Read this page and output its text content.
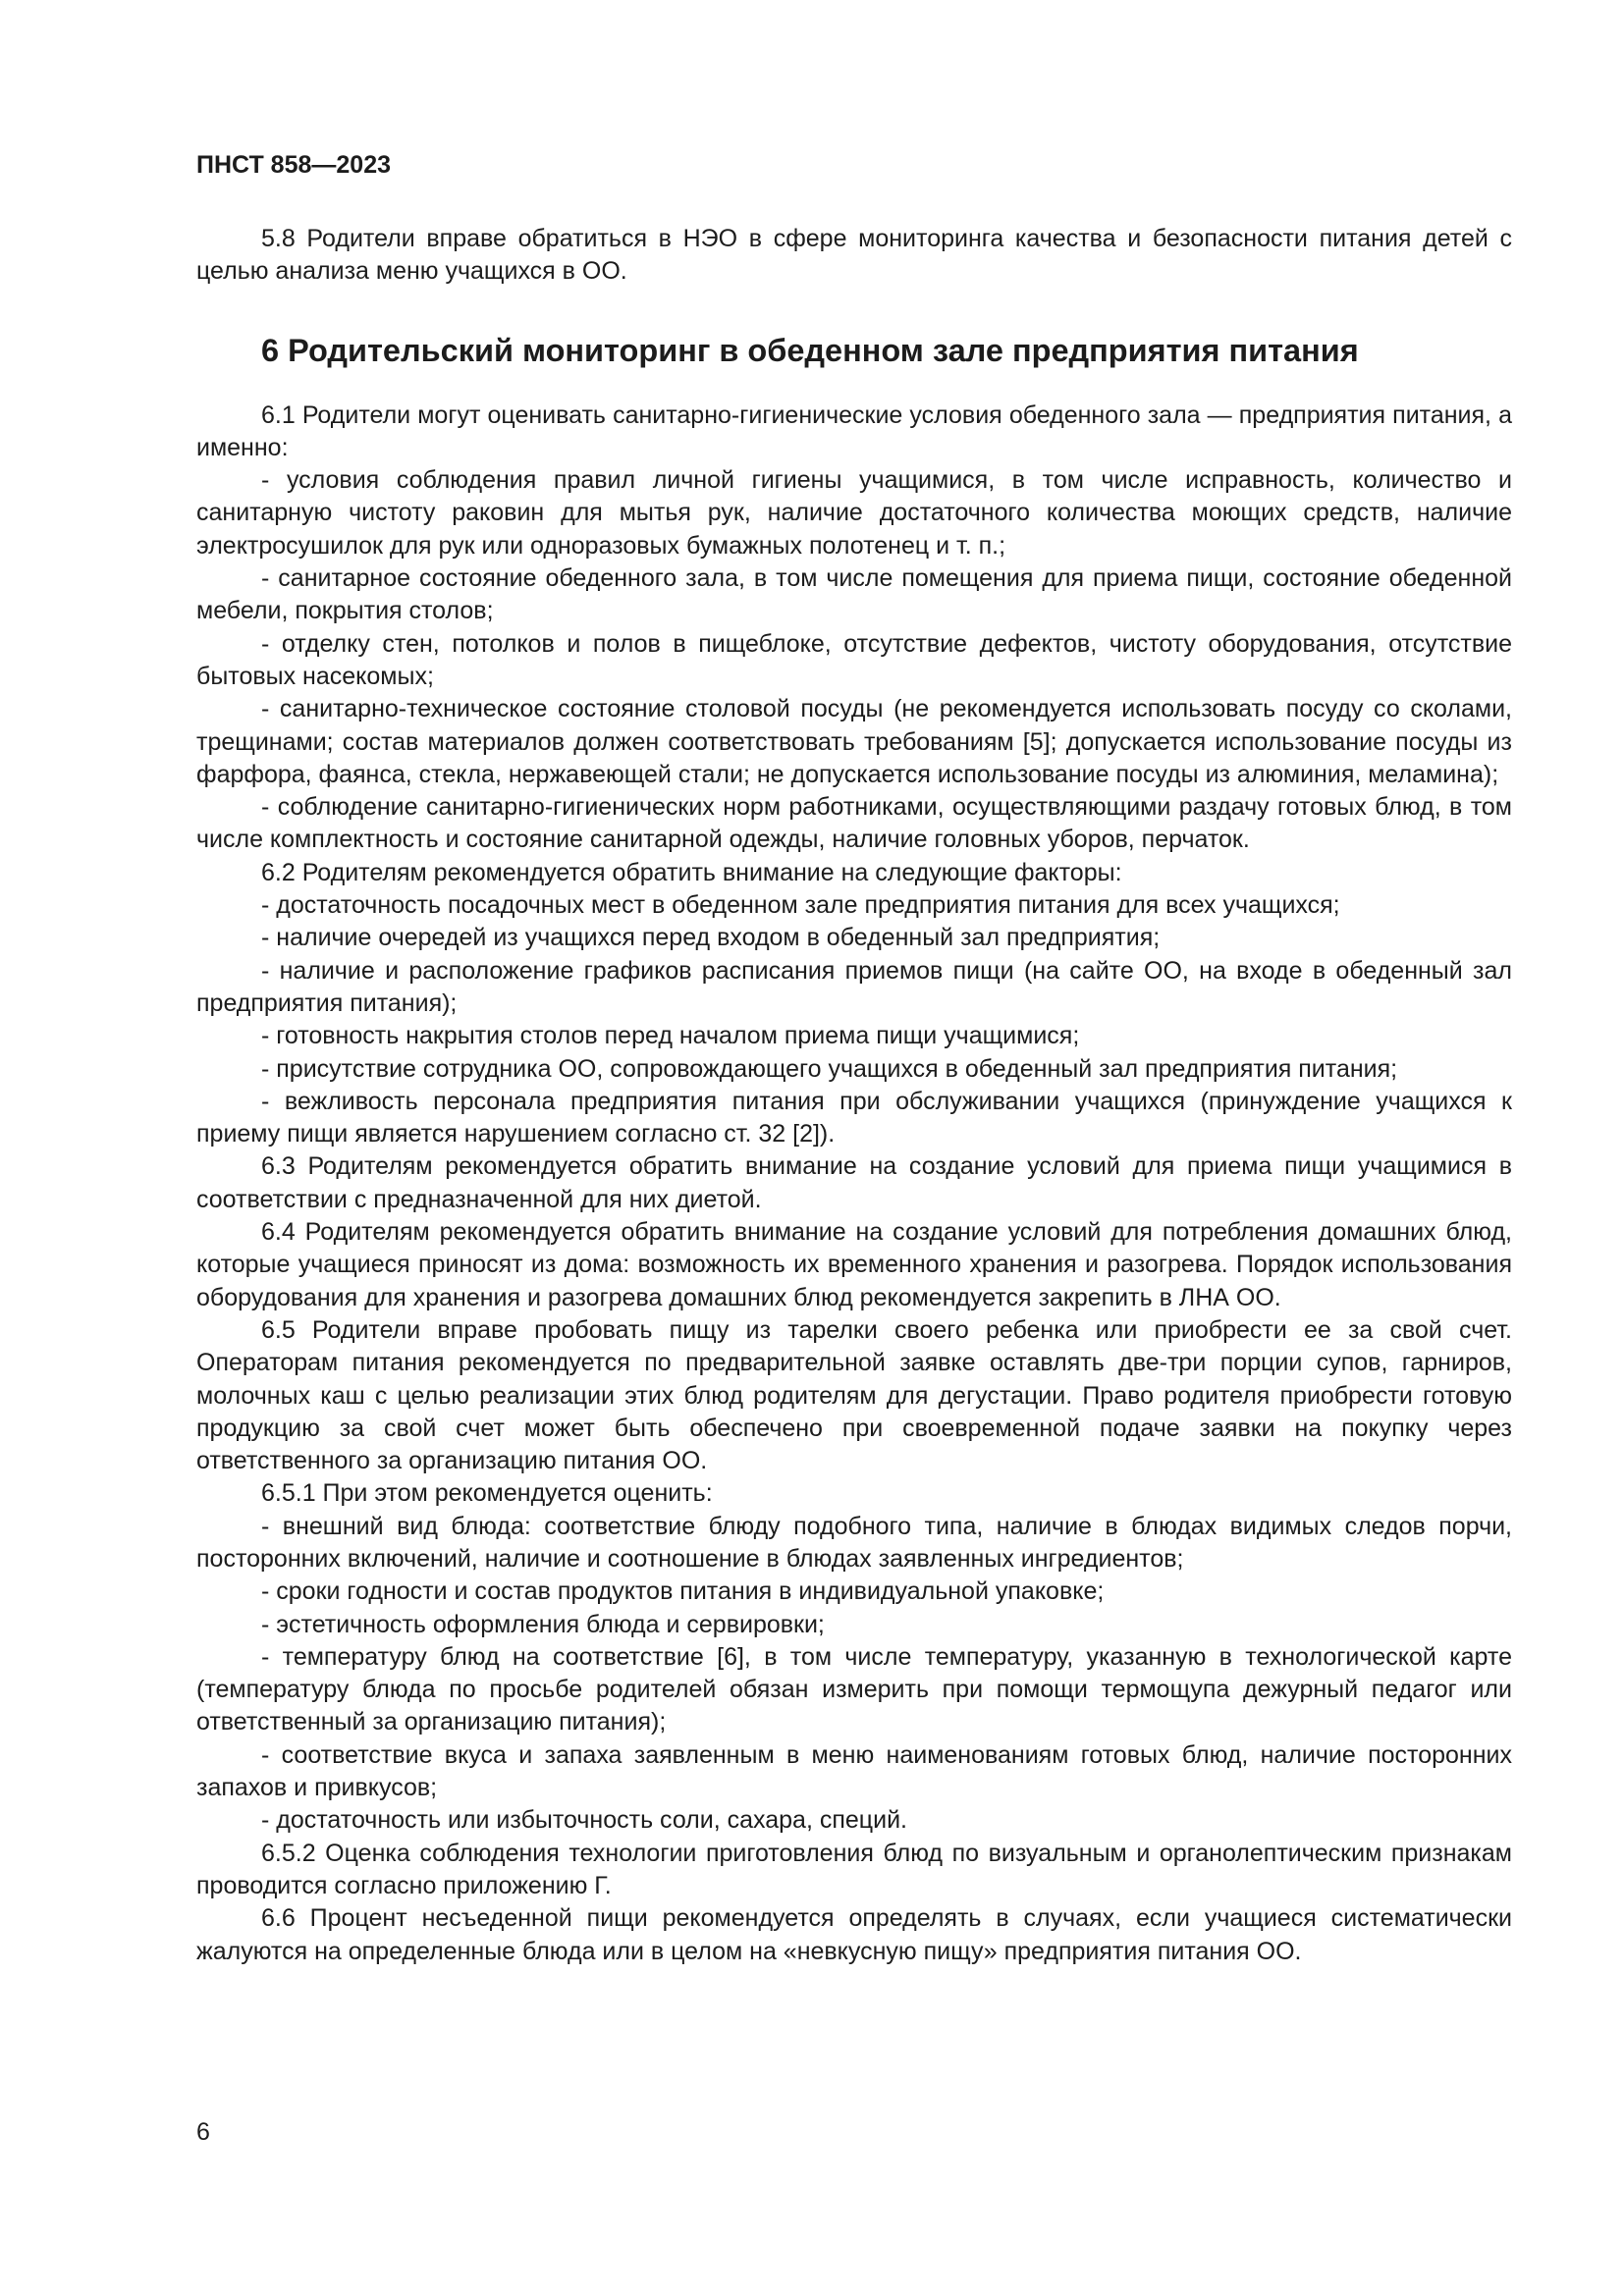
ПНСТ 858—2023

5.8 Родители вправе обратиться в НЭО в сфере мониторинга качества и безопасности питания детей с целью анализа меню учащихся в ОО.

6 Родительский мониторинг в обеденном зале предприятия питания

6.1 Родители могут оценивать санитарно-гигиенические условия обеденного зала — предприятия питания, а именно:

- условия соблюдения правил личной гигиены учащимися, в том числе исправность, количество и санитарную чистоту раковин для мытья рук, наличие достаточного количества моющих средств, наличие электросушилок для рук или одноразовых бумажных полотенец и т. п.;

- санитарное состояние обеденного зала, в том числе помещения для приема пищи, состояние обеденной мебели, покрытия столов;

- отделку стен, потолков и полов в пищеблоке, отсутствие дефектов, чистоту оборудования, отсутствие бытовых насекомых;

- санитарно-техническое состояние столовой посуды (не рекомендуется использовать посуду со сколами, трещинами; состав материалов должен соответствовать требованиям [5]; допускается использование посуды из фарфора, фаянса, стекла, нержавеющей стали; не допускается использование посуды из алюминия, меламина);

- соблюдение санитарно-гигиенических норм работниками, осуществляющими раздачу готовых блюд, в том числе комплектность и состояние санитарной одежды, наличие головных уборов, перчаток.

6.2 Родителям рекомендуется обратить внимание на следующие факторы:

- достаточность посадочных мест в обеденном зале предприятия питания для всех учащихся;

- наличие очередей из учащихся перед входом в обеденный зал предприятия;

- наличие и расположение графиков расписания приемов пищи (на сайте ОО, на входе в обеденный зал предприятия питания);

- готовность накрытия столов перед началом приема пищи учащимися;

- присутствие сотрудника ОО, сопровождающего учащихся в обеденный зал предприятия питания;

- вежливость персонала предприятия питания при обслуживании учащихся (принуждение учащихся к приему пищи является нарушением согласно ст. 32 [2]).

6.3 Родителям рекомендуется обратить внимание на создание условий для приема пищи учащимися в соответствии с предназначенной для них диетой.

6.4 Родителям рекомендуется обратить внимание на создание условий для потребления домашних блюд, которые учащиеся приносят из дома: возможность их временного хранения и разогрева. Порядок использования оборудования для хранения и разогрева домашних блюд рекомендуется закрепить в ЛНА ОО.

6.5 Родители вправе пробовать пищу из тарелки своего ребенка или приобрести ее за свой счет. Операторам питания рекомендуется по предварительной заявке оставлять две-три порции супов, гарниров, молочных каш с целью реализации этих блюд родителям для дегустации. Право родителя приобрести готовую продукцию за свой счет может быть обеспечено при своевременной подаче заявки на покупку через ответственного за организацию питания ОО.

6.5.1 При этом рекомендуется оценить:

- внешний вид блюда: соответствие блюду подобного типа, наличие в блюдах видимых следов порчи, посторонних включений, наличие и соотношение в блюдах заявленных ингредиентов;

- сроки годности и состав продуктов питания в индивидуальной упаковке;

- эстетичность оформления блюда и сервировки;

- температуру блюд на соответствие [6], в том числе температуру, указанную в технологической карте (температуру блюда по просьбе родителей обязан измерить при помощи термощупа дежурный педагог или ответственный за организацию питания);

- соответствие вкуса и запаха заявленным в меню наименованиям готовых блюд, наличие посторонних запахов и привкусов;

- достаточность или избыточность соли, сахара, специй.

6.5.2 Оценка соблюдения технологии приготовления блюд по визуальным и органолептическим признакам проводится согласно приложению Г.

6.6 Процент несъеденной пищи рекомендуется определять в случаях, если учащиеся систематически жалуются на определенные блюда или в целом на «невкусную пищу» предприятия питания ОО.

6
